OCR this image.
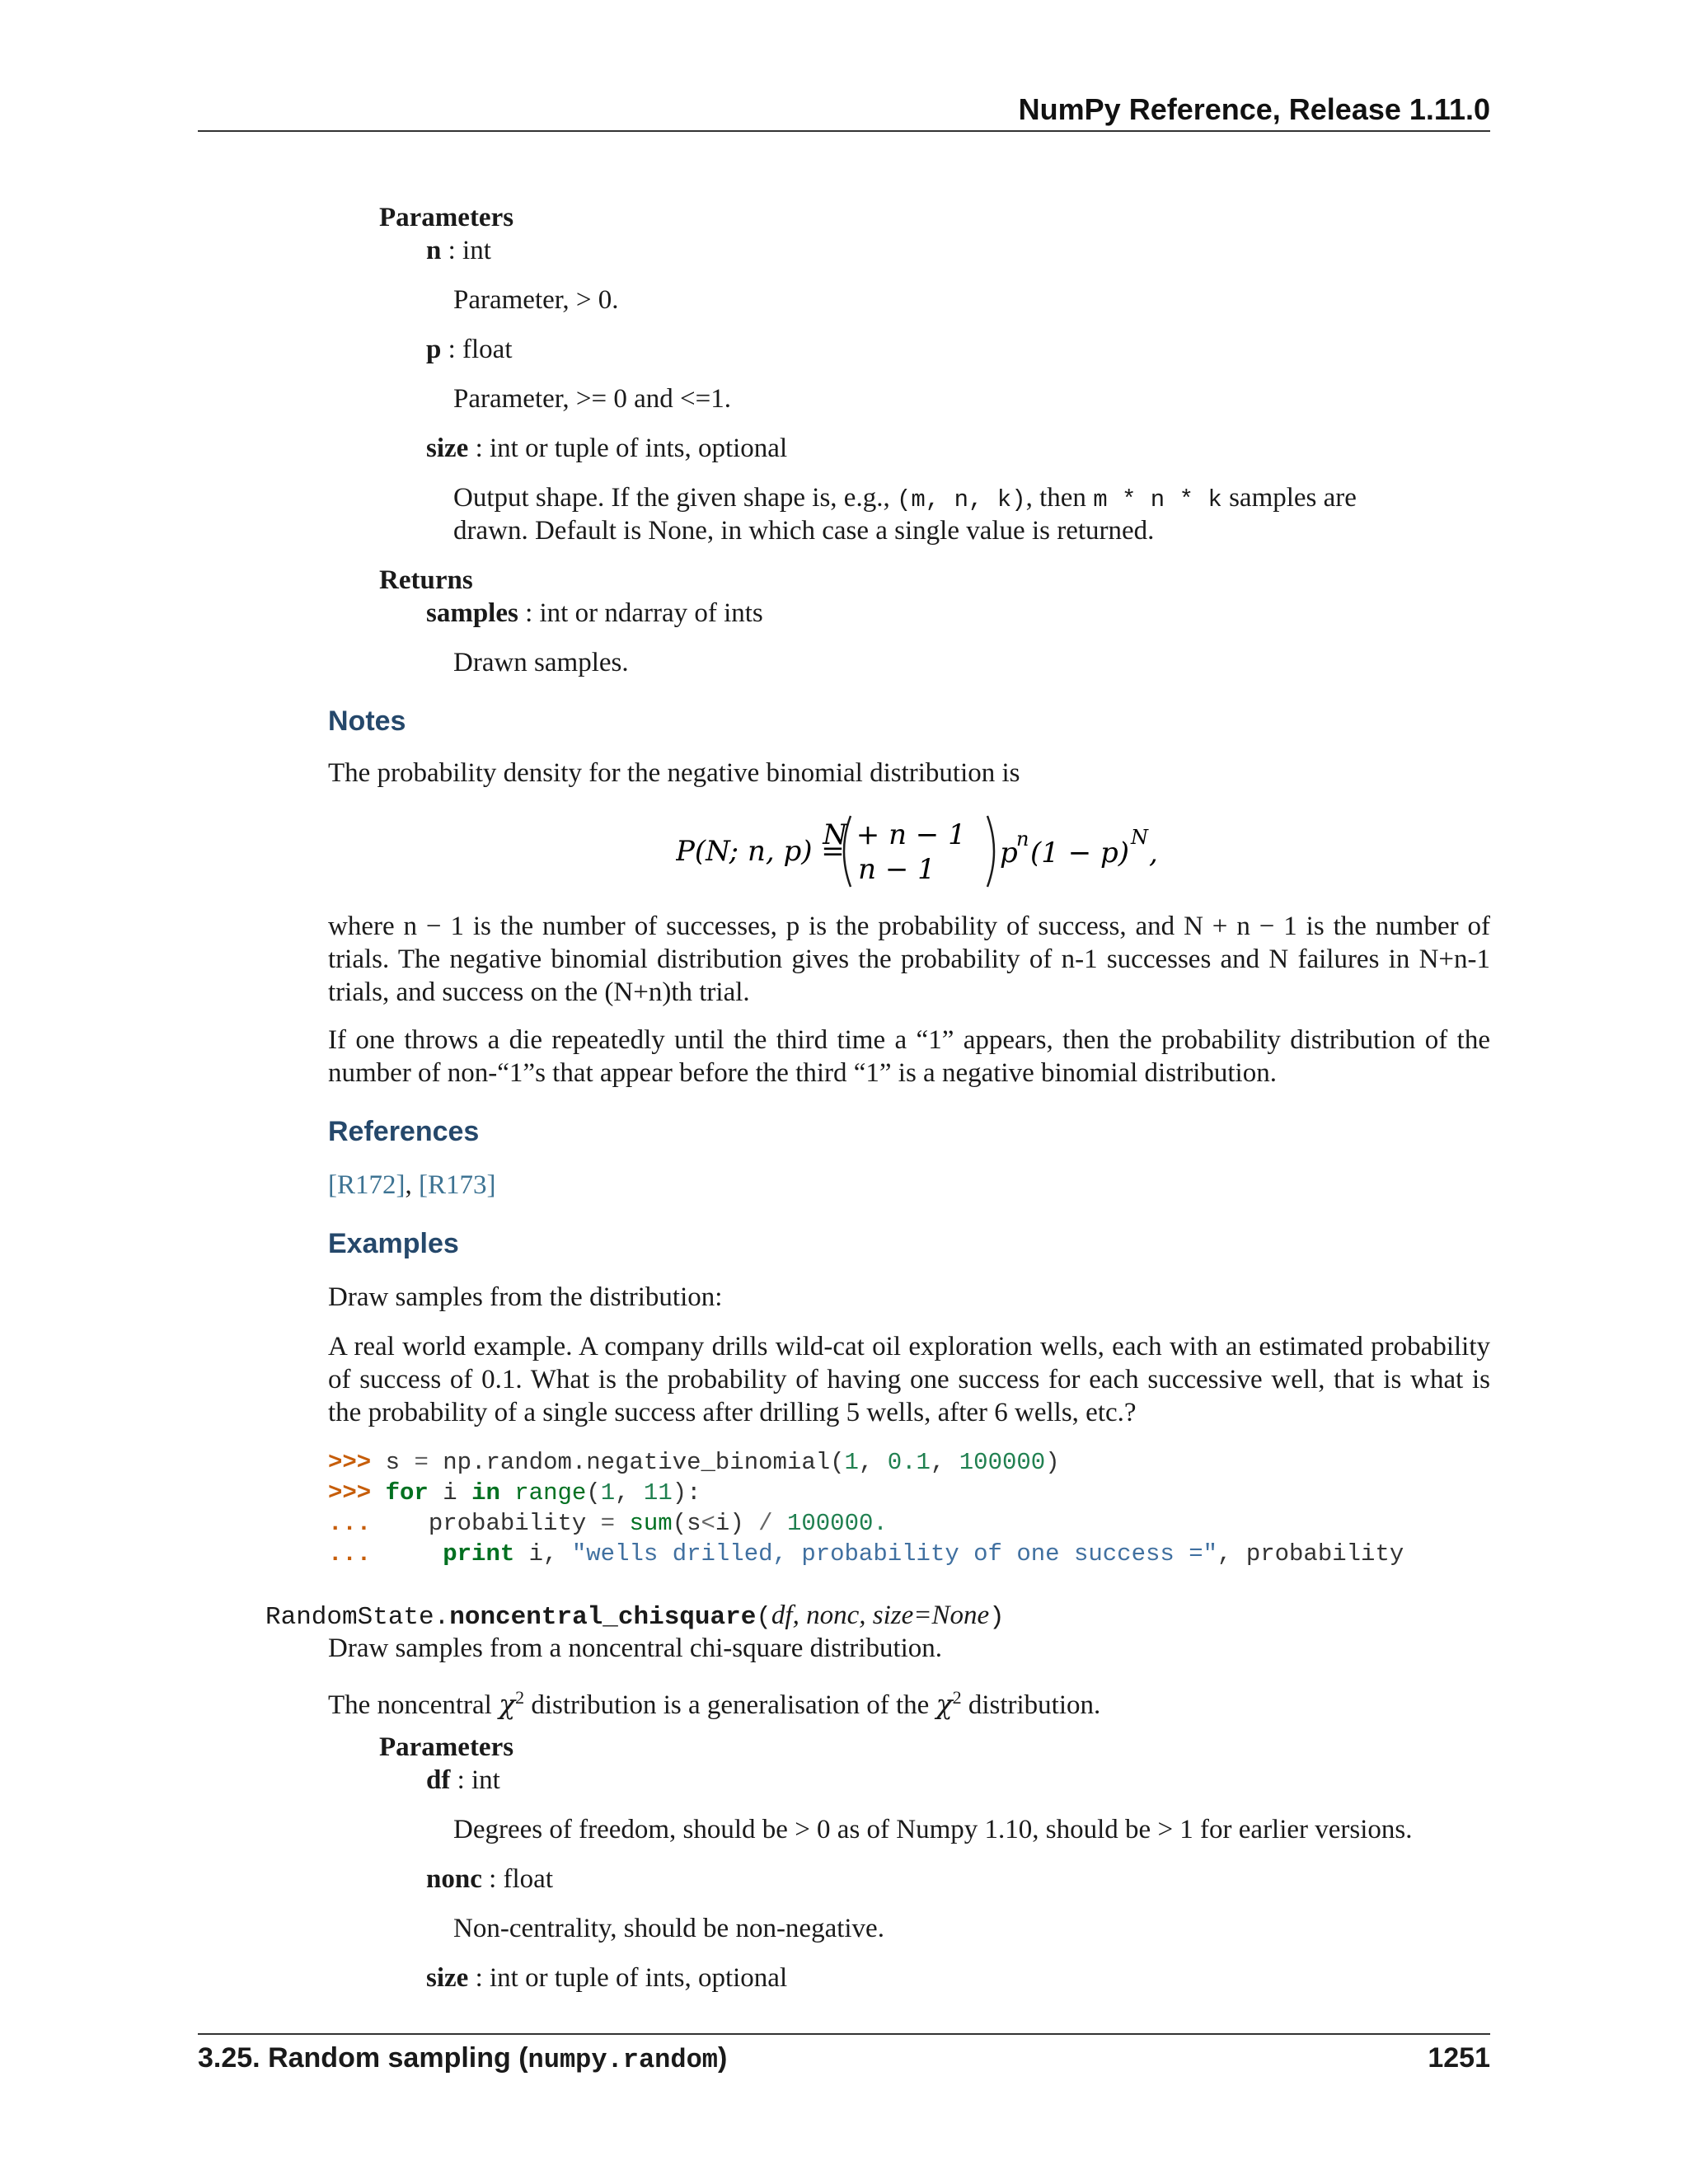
NumPy Reference, Release 1.11.0
Parameters
n : int
Parameter, > 0.
p : float
Parameter, >= 0 and <=1.
size : int or tuple of ints, optional
Output shape. If the given shape is, e.g., (m, n, k), then m * n * k samples are
drawn. Default is None, in which case a single value is returned.
Returns
samples : int or ndarray of ints
Drawn samples.
Notes
The probability density for the negative binomial distribution is
P(N; n, p) =
N + n − 1
n − 1 p
n (1 − p) N ,
where n − 1 is the number of successes, p is the probability of success, and N + n − 1 is the number of trials. The negative binomial distribution gives the probability of n-1 successes and N failures in N+n-1 trials, and success on the (N+n)th trial.
If one throws a die repeatedly until the third time a “1” appears, then the probability distribution of the number of non-“1”s that appear before the third “1” is a negative binomial distribution.
References
[R172], [R173]
Examples
Draw samples from the distribution:
A real world example. A company drills wild-cat oil exploration wells, each with an estimated probability of success of 0.1. What is the probability of having one success for each successive well, that is what is the probability of a single success after drilling 5 wells, after 6 wells, etc.?
>>> s = np.random.negative_binomial(1, 0.1, 100000)
>>> for i in range(1, 11):
...    probability = sum(s<i) / 100000.
...	print i, "wells drilled, probability of one success =", probability
RandomState.noncentral_chisquare(df, nonc, size=None)
Draw samples from a noncentral chi-square distribution.
The noncentral $\chi^2$ distribution is a generalisation of the $\chi^2$ distribution.
Parameters
df : int
Degrees of freedom, should be > 0 as of Numpy 1.10, should be > 1 for earlier versions.
nonc : float
Non-centrality, should be non-negative.
size : int or tuple of ints, optional
3.25. Random sampling (numpy.random)	1251
